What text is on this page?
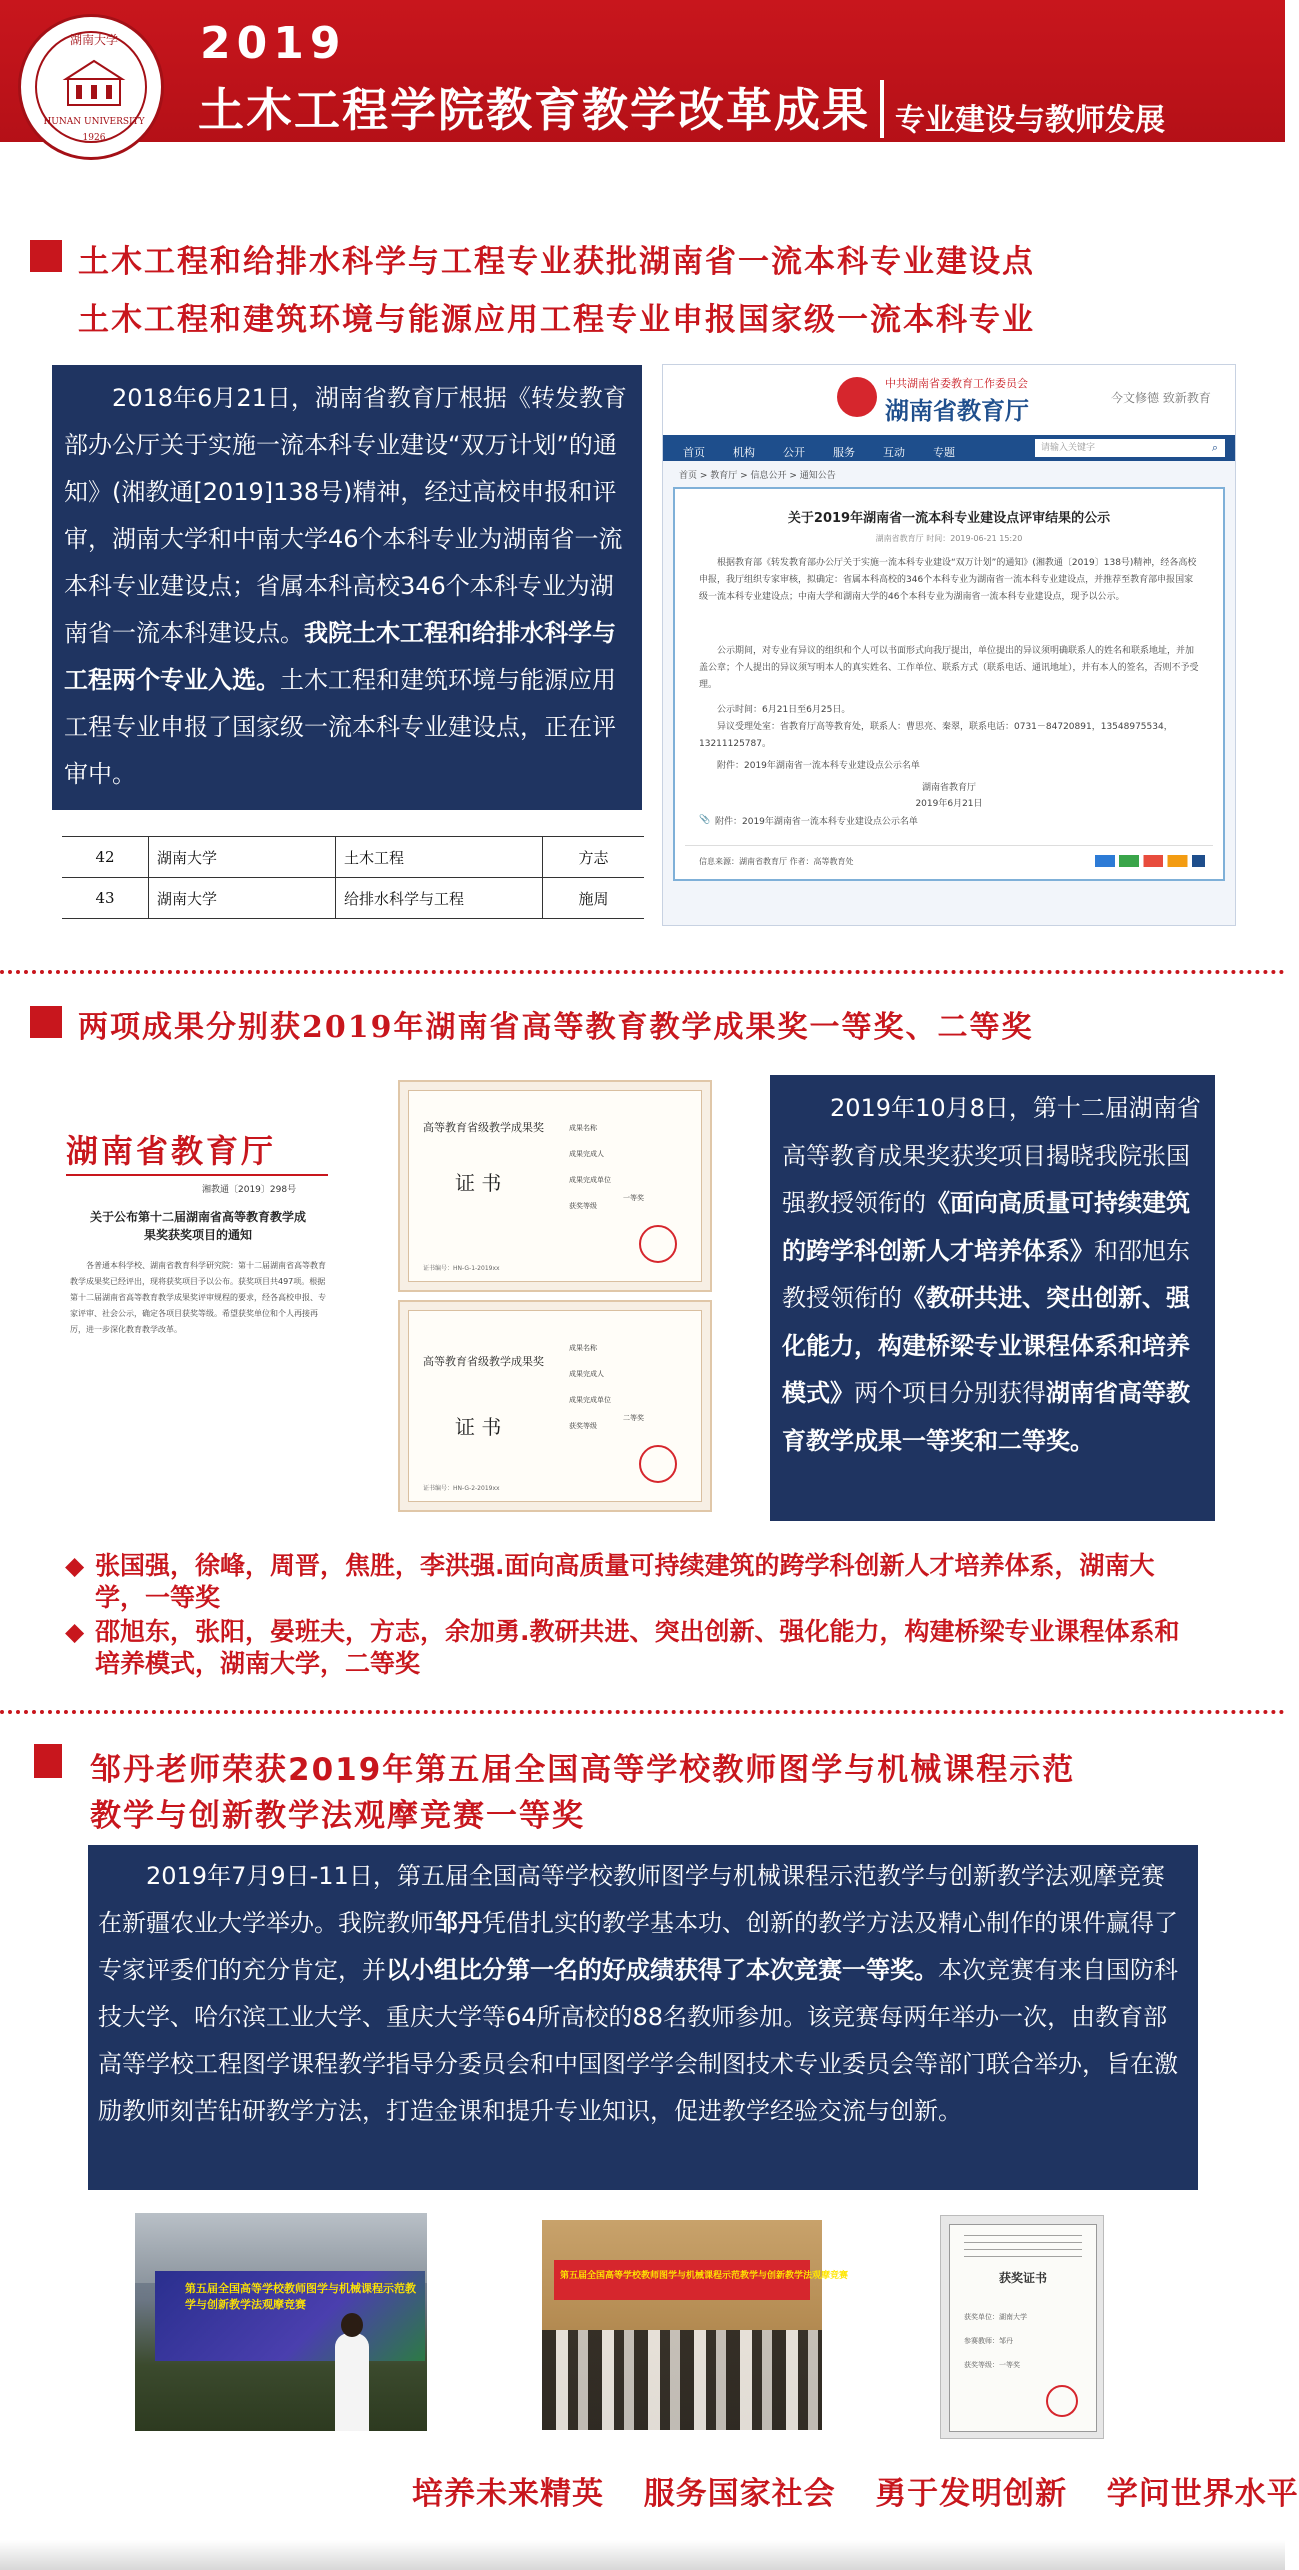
湖南大学
HUNAN UNIVERSITY
1926
2019
土木工程学院教育教学改革成果 专业建设与教师发展
土木工程和给排水科学与工程专业获批湖南省一流本科专业建设点
土木工程和建筑环境与能源应用工程专业申报国家级一流本科专业
2018年6月21日，湖南省教育厅根据《转发教育部办公厅关于实施一流本科专业建设“双万计划”的通知》(湘教通[2019]138号)精神，经过高校申报和评审，湖南大学和中南大学46个本科专业为湖南省一流本科专业建设点；省属本科高校346个本科专业为湖南省一流本科建设点。我院土木工程和给排水科学与工程两个专业入选。土木工程和建筑环境与能源应用工程专业申报了国家级一流本科专业建设点，正在评审中。
42	湖南大学	土木工程	方志
43	湖南大学	给排水科学与工程	施周
中共湖南省委教育工作委员会
湖南省教育厅	今文修德 致新教育
首页	机构	公开	服务	互动	专题	请输入关键字	⌕
首页 > 教育厅 > 信息公开 > 通知公告
关于2019年湖南省一流本科专业建设点评审结果的公示
湖南省教育厅 时间：2019-06-21 15:20
根据教育部《转发教育部办公厅关于实施一流本科专业建设“双万计划”的通知》(湘教通〔2019〕138号)精神，经各高校申报，我厅组织专家审核，拟确定：省属本科高校的346个本科专业为湖南省一流本科专业建设点，并推荐至教育部申报国家级一流本科专业建设点；中南大学和湖南大学的46个本科专业为湖南省一流本科专业建设点，现予以公示。
公示期间，对专业有异议的组织和个人可以书面形式向我厅提出，单位提出的异议须明确联系人的姓名和联系地址，并加盖公章；个人提出的异议须写明本人的真实姓名、工作单位、联系方式（联系电话、通讯地址），并有本人的签名，否则不予受理。
公示时间：6月21日至6月25日。
异议受理处室：省教育厅高等教育处，联系人：曹思亮、秦翠，联系电话：0731－84720891，13548975534，13211125787。
附件：2019年湖南省一流本科专业建设点公示名单
湖南省教育厅
2019年6月21日
📎 附件：2019年湖南省一流本科专业建设点公示名单
信息来源：湖南省教育厅 作者：高等教育处
两项成果分别获2019年湖南省高等教育教学成果奖一等奖、二等奖
湖南省教育厅
湘教通〔2019〕298号
关于公布第十二届湖南省高等教育教学成果奖获奖项目的通知
各普通本科学校、湖南省教育科学研究院：第十二届湖南省高等教育教学成果奖已经评出，现将获奖项目予以公布。获奖项目共497项。根据第十二届湖南省高等教育教学成果奖评审规程的要求，经各高校申报、专家评审、社会公示，确定各项目获奖等级。希望获奖单位和个人再接再厉，进一步深化教育教学改革。
高等教育省级教学成果奖
证 书
成果名称
成果完成人
成果完成单位
获奖等级
一等奖
证书编号：HN-G-1-2019xx
高等教育省级教学成果奖
证 书
成果名称
成果完成人
成果完成单位
获奖等级
二等奖
证书编号：HN-G-2-2019xx
2019年10月8日，第十二届湖南省高等教育成果奖获奖项目揭晓我院张国强教授领衔的《面向高质量可持续建筑的跨学科创新人才培养体系》和邵旭东教授领衔的《教研共进、突出创新、强化能力，构建桥梁专业课程体系和培养模式》两个项目分别获得湖南省高等教育教学成果一等奖和二等奖。
◆ 张国强，徐峰，周晋，焦胜，李洪强.面向高质量可持续建筑的跨学科创新人才培养体系，湖南大学，一等奖
◆ 邵旭东，张阳，晏班夫，方志，余加勇.教研共进、突出创新、强化能力，构建桥梁专业课程体系和培养模式，湖南大学，二等奖
邹丹老师荣获2019年第五届全国高等学校教师图学与机械课程示范
教学与创新教学法观摩竞赛一等奖
2019年7月9日-11日，第五届全国高等学校教师图学与机械课程示范教学与创新教学法观摩竞赛在新疆农业大学举办。我院教师邹丹凭借扎实的教学基本功、创新的教学方法及精心制作的课件赢得了专家评委们的充分肯定，并以小组比分第一名的好成绩获得了本次竞赛一等奖。本次竞赛有来自国防科技大学、哈尔滨工业大学、重庆大学等64所高校的88名教师参加。该竞赛每两年举办一次，由教育部高等学校工程图学课程教学指导分委员会和中国图学学会制图技术专业委员会等部门联合举办，旨在激励教师刻苦钻研教学方法，打造金课和提升专业知识，促进教学经验交流与创新。
第五届全国高等学校教师图学与机械课程示范教学与创新教学法观摩竞赛
第五届全国高等学校教师图学与机械课程示范教学与创新教学法观摩竞赛	获奖证书
获奖单位：湖南大学
参赛教师：邹丹
获奖等级：一等奖
培养未来精英 服务国家社会 勇于发明创新 学问世界水平
